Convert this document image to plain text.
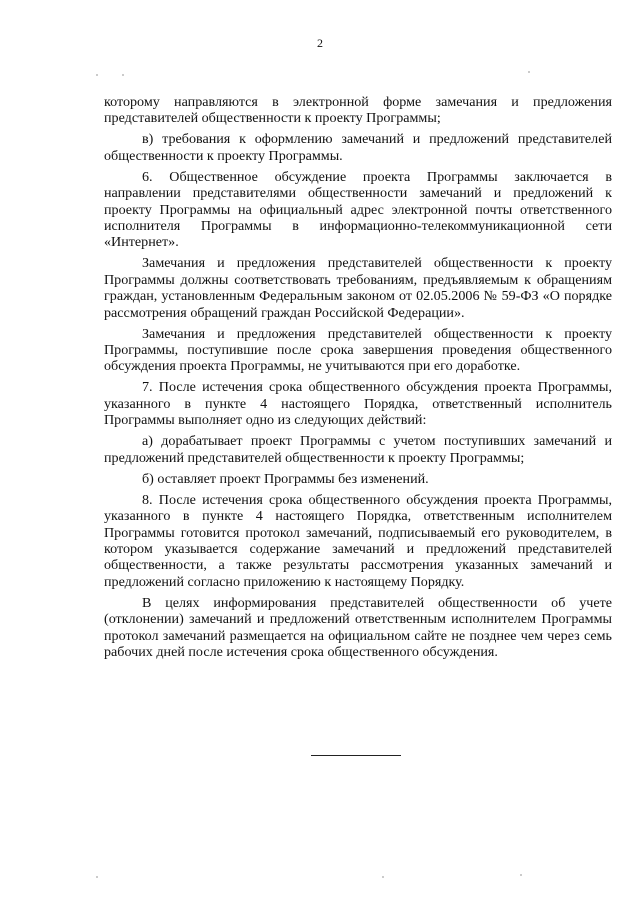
2

которому направляются в электронной форме замечания и предложения представителей общественности к проекту Программы;

в) требования к оформлению замечаний и предложений представителей общественности к проекту Программы.

6. Общественное обсуждение проекта Программы заключается в направлении представителями общественности замечаний и предложений к проекту Программы на официальный адрес электронной почты ответственного исполнителя Программы в информационно-телекоммуникационной сети «Интернет».

Замечания и предложения представителей общественности к проекту Программы должны соответствовать требованиям, предъявляемым к обращениям граждан, установленным Федеральным законом от 02.05.2006 № 59-ФЗ «О порядке рассмотрения обращений граждан Российской Федерации».

Замечания и предложения представителей общественности к проекту Программы, поступившие после срока завершения проведения общественного обсуждения проекта Программы, не учитываются при его доработке.

7. После истечения срока общественного обсуждения проекта Программы, указанного в пункте 4 настоящего Порядка, ответственный исполнитель Программы выполняет одно из следующих действий:

а) дорабатывает проект Программы с учетом поступивших замечаний и предложений представителей общественности к проекту Программы;

б) оставляет проект Программы без изменений.

8. После истечения срока общественного обсуждения проекта Программы, указанного в пункте 4 настоящего Порядка, ответственным исполнителем Программы готовится протокол замечаний, подписываемый его руководителем, в котором указывается содержание замечаний и предложений представителей общественности, а также результаты рассмотрения указанных замечаний и предложений согласно приложению к настоящему Порядку.

В целях информирования представителей общественности об учете (отклонении) замечаний и предложений ответственным исполнителем Программы протокол замечаний размещается на официальном сайте не позднее чем через семь рабочих дней после истечения срока общественного обсуждения.
